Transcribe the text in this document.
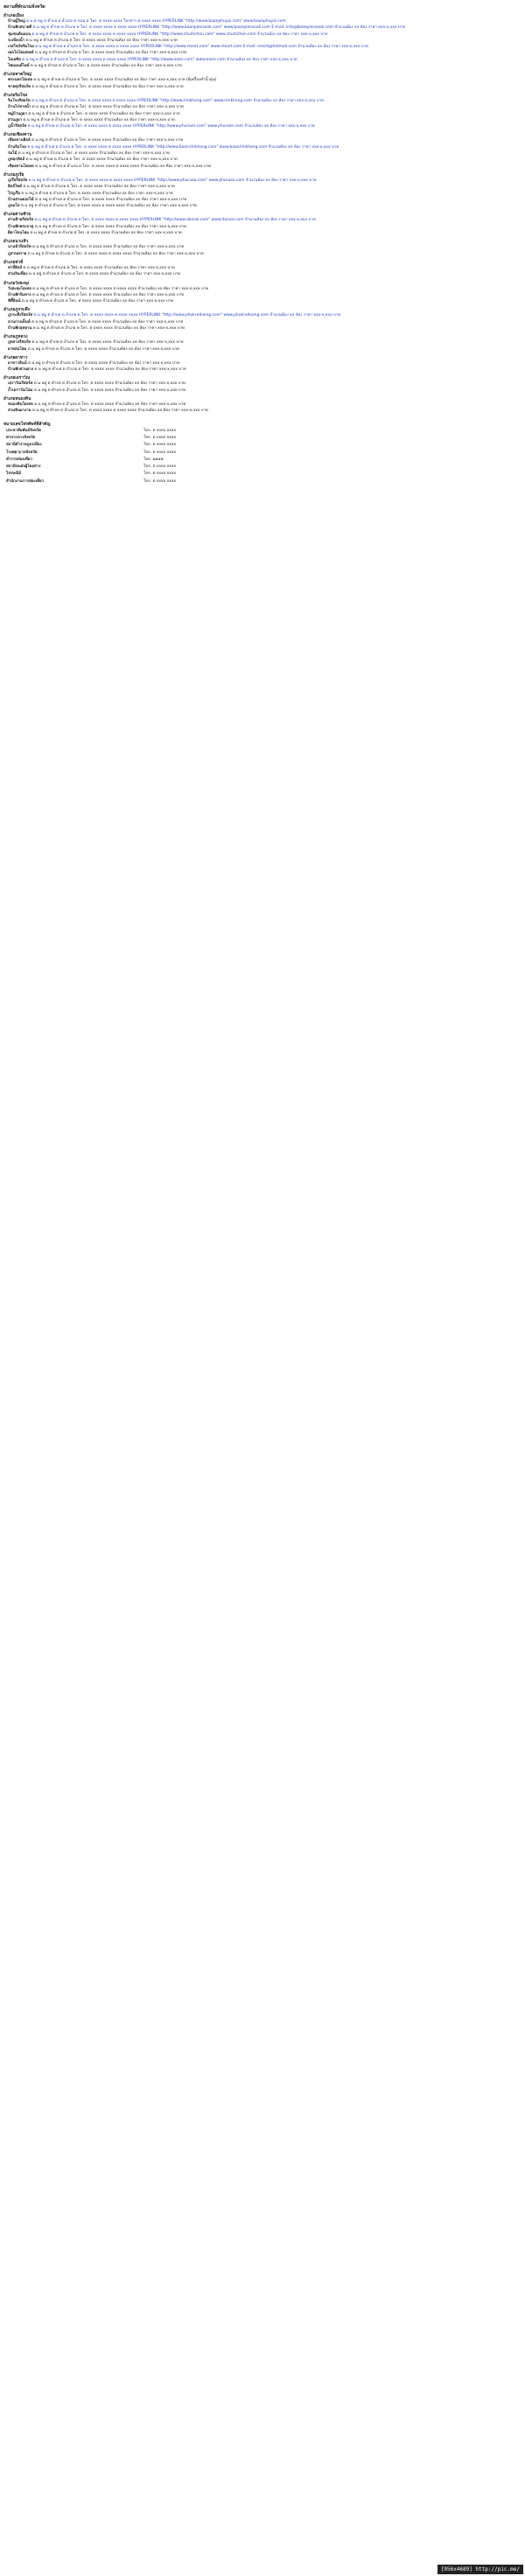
สถานที่พักแรมจังหวัด
อำเภอเมือง
บ้านผู้ใหญ่ ต.น ต หมู่ ต ตำบล ต อำเภอ ต ถนน ต โทร. ต xxxx xxxx โทรสาร ต xxxx xxxx HYPERLINK "http://www.baanphuyai.com" www.baanphuyai.com
บ้านพักสบายดี ต.น หมู่ ต ตำบล ต อำเภอ ต โทร. ต xxxx xxxx ต xxxx xxxx HYPERLINK "http://www.baanpiensook.com" www.baanpiensook.com E-mail: info@baanpiensook.com จำนวนห้อง xx ห้อง ราคา xxx-x,xxx บาท
ชุมชนต้นแบบ ต.น หมู่ ต ตำบล ต อำเภอ ต โทร. ต xxxx xxxx ต xxxx xxxx HYPERLINK "http://www.chumchon.com" www.chumchon.com จำนวนห้อง xx ห้อง ราคา xxx-x,xxx บาท
ระเบียงน้ำ ต.น หมู่ ต ตำบล ต อำเภอ ต โทร. ต xxxx xxxx จำนวนห้อง xx ห้อง ราคา xxx-x,xxx บาท
เรสโซร์ทริมโขง ต.น หมู่ ต ตำบล ต อำเภอ ต โทร. ต xxxx xxxx ต xxxx xxxx HYPERLINK "http://www.resort.com" www.resort.com E-mail: resort@hotmail.com จำนวนห้อง xx ห้อง ราคา xxx-x,xxx บาท
เฮลโลโฮมสเตย์ ต.น หมู่ ต ตำบล ต อำเภอ ต โทร. ต xxxx xxxx จำนวนห้อง xx ห้อง ราคา xxx-x,xxx บาท
โอเอซิส ต.น หมู่ ต ตำบล ต อำเภอ ต โทร. ต xxxx xxxx ต xxxx xxxx HYPERLINK "http://www.oasis.com" www.oasis.com จำนวนห้อง xx ห้อง ราคา xxx-x,xxx บาท
ไฟแอนด์ไลท์ ต.น หมู่ ต ตำบล ต อำเภอ ต โทร. ต xxxx xxxx จำนวนห้อง xx ห้อง ราคา xxx-x,xxx บาท
อำเภอหาดใหญ่
พระนครโฮเทล ต.น หมู่ ต ตำบล ต อำเภอ ต โทร. ต xxxx xxxx จำนวนห้อง xx ห้อง ราคา xxx-x,xxx บาท (มีเครื่องทำน้ำอุ่น)
ชายทุ่งรีสอร์ท ต.น หมู่ ต ตำบล ต อำเภอ ต โทร. ต xxxx xxxx จำนวนห้อง xx ห้อง ราคา xxx-x,xxx บาท
อำเภอริมโขง
ริมโขงรีสอร์ท ต.น หมู่ ต ตำบล ต อำเภอ ต โทร. ต xxxx xxxx ต xxxx xxxx HYPERLINK "http://www.rimkhong.com" www.rimkhong.com จำนวนห้อง xx ห้อง ราคา xxx-x,xxx บาท
บ้านไร่ชายน้ำ ต.น หมู่ ต ตำบล ต อำเภอ ต โทร. ต xxxx xxxx จำนวนห้อง xx ห้อง ราคา xxx-x,xxx บาท
หมู่บ้านภูผา ต.น หมู่ ต ตำบล ต อำเภอ ต โทร. ต xxxx xxxx จำนวนห้อง xx ห้อง ราคา xxx-x,xxx บาท
สวนภูผา ต.น หมู่ ต ตำบล ต อำเภอ ต โทร. ต xxxx xxxx จำนวนห้อง xx ห้อง ราคา xxx-x,xxx บาท
ภูน้ำรีสอร์ท ต.น หมู่ ต ตำบล ต อำเภอ ต โทร. ต xxxx xxxx ต xxxx xxxx HYPERLINK "http://www.phunam.com" www.phunam.com จำนวนห้อง xx ห้อง ราคา xxx-x,xxx บาท
อำเภอเชียงคาน
เชียงคานฮิลล์ ต.น หมู่ ต ตำบล ต อำเภอ ต โทร. ต xxxx xxxx จำนวนห้อง xx ห้อง ราคา xxx-x,xxx บาท
บ้านริมโขง ต.น หมู่ ต ตำบล ต อำเภอ ต โทร. ต xxxx xxxx ต xxxx xxxx HYPERLINK "http://www.baanrimkhong.com" www.baanrimkhong.com จำนวนห้อง xx ห้อง ราคา xxx-x,xxx บาท
ร่มไม้ ต.น หมู่ ต ตำบล ต อำเภอ ต โทร. ต xxxx xxxx จำนวนห้อง xx ห้อง ราคา xxx-x,xxx บาท
ภูทอกฮิลล์ ต.น หมู่ ต ตำบล ต อำเภอ ต โทร. ต xxxx xxxx จำนวนห้อง xx ห้อง ราคา xxx-x,xxx บาท
เชียงคานโฮเทล ต.น หมู่ ต ตำบล ต อำเภอ ต โทร. ต xxxx xxxx ต xxxx xxxx จำนวนห้อง xx ห้อง ราคา xxx-x,xxx บาท
อำเภอภูเรือ
ภูเรือรีสอร์ท ต.น หมู่ ต ตำบล ต อำเภอ ต โทร. ต xxxx xxxx ต xxxx xxxx HYPERLINK "http://www.phuruea.com" www.phuruea.com จำนวนห้อง xx ห้อง ราคา xxx-x,xxx บาท
ฮิลล์ไซด์ ต.น หมู่ ต ตำบล ต อำเภอ ต โทร. ต xxxx xxxx จำนวนห้อง xx ห้อง ราคา xxx-x,xxx บาท
ไร่ภูเรือ ต.น หมู่ ต ตำบล ต อำเภอ ต โทร. ต xxxx xxxx จำนวนห้อง xx ห้อง ราคา xxx-x,xxx บาท
บ้านสวนดอกไม้ ต.น หมู่ ต ตำบล ต อำเภอ ต โทร. ต xxxx xxxx จำนวนห้อง xx ห้อง ราคา xxx-x,xxx บาท
ภูลมโล ต.น หมู่ ต ตำบล ต อำเภอ ต โทร. ต xxxx xxxx ต xxxx xxxx จำนวนห้อง xx ห้อง ราคา xxx-x,xxx บาท
อำเภอด่านซ้าย
ด่านซ้ายรีสอร์ท ต.น หมู่ ต ตำบล ต อำเภอ ต โทร. ต xxxx xxxx ต xxxx xxxx HYPERLINK "http://www.dansai.com" www.dansai.com จำนวนห้อง xx ห้อง ราคา xxx-x,xxx บาท
บ้านพักพระธาตุ ต.น หมู่ ต ตำบล ต อำเภอ ต โทร. ต xxxx xxxx จำนวนห้อง xx ห้อง ราคา xxx-x,xxx บาท
ผีตาโขนโฮม ต.น หมู่ ต ตำบล ต อำเภอ ต โทร. ต xxxx xxxx จำนวนห้อง xx ห้อง ราคา xxx-x,xxx บาท
อำเภอนาแห้ว
นาแห้วรีสอร์ท ต.น หมู่ ต ตำบล ต อำเภอ ต โทร. ต xxxx xxxx จำนวนห้อง xx ห้อง ราคา xxx-x,xxx บาท
ภูสวนทราย ต.น หมู่ ต ตำบล ต อำเภอ ต โทร. ต xxxx xxxx ต xxxx xxxx จำนวนห้อง xx ห้อง ราคา xxx-x,xxx บาท
อำเภอท่าลี่
ท่าลี่ฮิลล์ ต.น หมู่ ต ตำบล ต อำเภอ ต โทร. ต xxxx xxxx จำนวนห้อง xx ห้อง ราคา xxx-x,xxx บาท
สวนริมเหือง ต.น หมู่ ต ตำบล ต อำเภอ ต โทร. ต xxxx xxxx จำนวนห้อง xx ห้อง ราคา xxx-x,xxx บาท
อำเภอวังสะพุง
วังสะพุงโฮเทล ต.น หมู่ ต ตำบล ต อำเภอ ต โทร. ต xxxx xxxx ต xxxx xxxx จำนวนห้อง xx ห้อง ราคา xxx-x,xxx บาท
บ้านพักริมทาง ต.น หมู่ ต ตำบล ต อำเภอ ต โทร. ต xxxx xxxx จำนวนห้อง xx ห้อง ราคา xxx-x,xxx บาท
ซิตี้อินน์ ต.น หมู่ ต ตำบล ต อำเภอ ต โทร. ต xxxx xxxx จำนวนห้อง xx ห้อง ราคา xxx-x,xxx บาท
อำเภอภูกระดึง
ภูกระดึงรีสอร์ท ต.น หมู่ ต ตำบล ต อำเภอ ต โทร. ต xxxx xxxx ต xxxx xxxx HYPERLINK "http://www.phukradueng.com" www.phukradueng.com จำนวนห้อง xx ห้อง ราคา xxx-x,xxx บาท
ลานกางเต็นท์ ต.น หมู่ ต ตำบล ต อำเภอ ต โทร. ต xxxx xxxx จำนวนห้อง xx ห้อง ราคา xxx-x,xxx บาท
บ้านพักอุทยาน ต.น หมู่ ต ตำบล ต อำเภอ ต โทร. ต xxxx xxxx จำนวนห้อง xx ห้อง ราคา xxx-x,xxx บาท
อำเภอภูหลวง
ภูหลวงรีสอร์ท ต.น หมู่ ต ตำบล ต อำเภอ ต โทร. ต xxxx xxxx จำนวนห้อง xx ห้อง ราคา xxx-x,xxx บาท
ผาหล่มโฮม ต.น หมู่ ต ตำบล ต อำเภอ ต โทร. ต xxxx xxxx จำนวนห้อง xx ห้อง ราคา xxx-x,xxx บาท
อำเภอผาขาว
ผาขาวอินน์ ต.น หมู่ ต ตำบล ต อำเภอ ต โทร. ต xxxx xxxx จำนวนห้อง xx ห้อง ราคา xxx-x,xxx บาท
บ้านพักสวนยาง ต.น หมู่ ต ตำบล ต อำเภอ ต โทร. ต xxxx xxxx จำนวนห้อง xx ห้อง ราคา xxx-x,xxx บาท
อำเภอเอราวัณ
เอราวัณรีสอร์ท ต.น หมู่ ต ตำบล ต อำเภอ ต โทร. ต xxxx xxxx จำนวนห้อง xx ห้อง ราคา xxx-x,xxx บาท
ถ้ำเอราวัณโฮม ต.น หมู่ ต ตำบล ต อำเภอ ต โทร. ต xxxx xxxx จำนวนห้อง xx ห้อง ราคา xxx-x,xxx บาท
อำเภอหนองหิน
หนองหินโฮเทล ต.น หมู่ ต ตำบล ต อำเภอ ต โทร. ต xxxx xxxx จำนวนห้อง xx ห้อง ราคา xxx-x,xxx บาท
สวนหินผางาม ต.น หมู่ ต ตำบล ต อำเภอ ต โทร. ต xxxx xxxx ต xxxx xxxx จำนวนห้อง xx ห้อง ราคา xxx-x,xxx บาท
หมายเลขโทรศัพท์ที่สำคัญ
ประชาสัมพันธ์จังหวัด	โทร. ต xxxx xxxx
ศาลากลางจังหวัด	โทร. ต xxxx xxxx
สถานีตำรวจภูธรเมือง	โทร. ต xxxx xxxx
โรงพยาบาลจังหวัด	โทร. ต xxxx xxxx
ตำรวจท่องเที่ยว	โทร. ๑๑๕๕
สถานีขนส่งผู้โดยสาร	โทร. ต xxxx xxxx
ไปรษณีย์	โทร. ต xxxx xxxx
สำนักงานการท่องเที่ยว	โทร. ต xxxx xxxx
[956x4689] http://pic.me/
